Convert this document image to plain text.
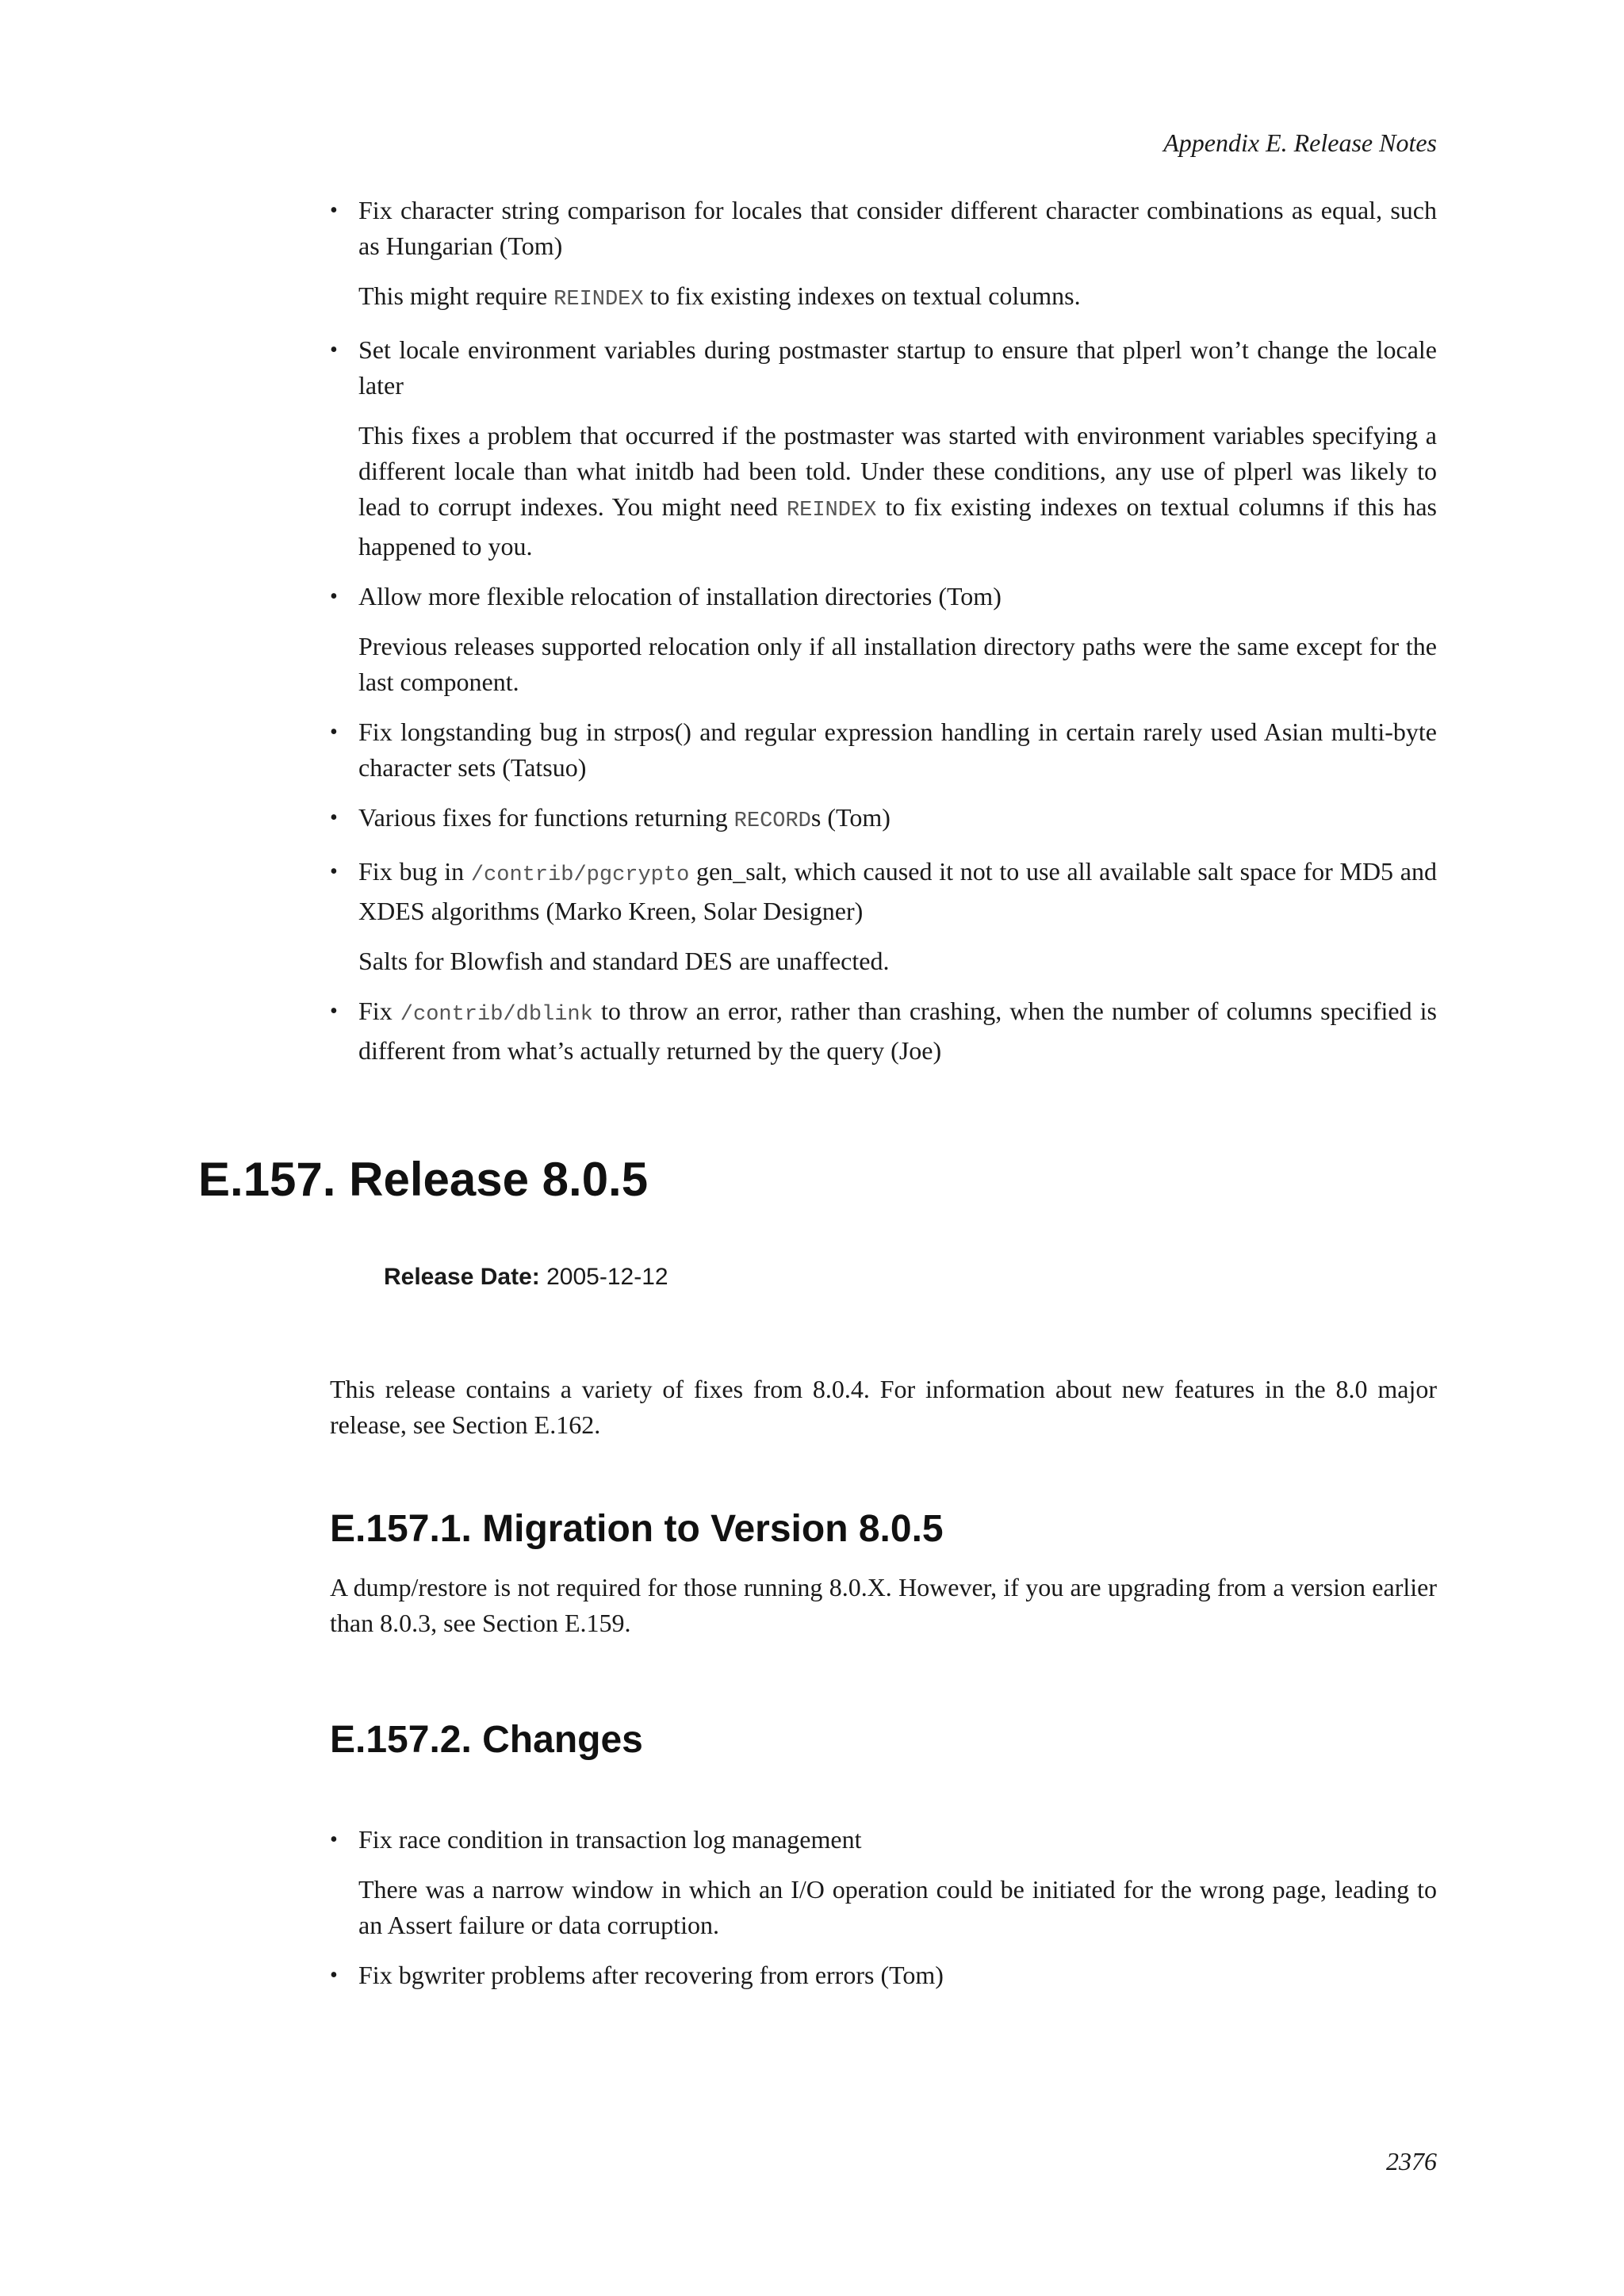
Appendix E. Release Notes

• Fix character string comparison for locales that consider different character combinations as equal, such as Hungarian (Tom)

This might require REINDEX to fix existing indexes on textual columns.

• Set locale environment variables during postmaster startup to ensure that plperl won’t change the locale later

This fixes a problem that occurred if the postmaster was started with environment variables specifying a different locale than what initdb had been told. Under these conditions, any use of plperl was likely to lead to corrupt indexes. You might need REINDEX to fix existing indexes on textual columns if this has happened to you.

• Allow more flexible relocation of installation directories (Tom)

Previous releases supported relocation only if all installation directory paths were the same except for the last component.

• Fix longstanding bug in strpos() and regular expression handling in certain rarely used Asian multi-byte character sets (Tatsuo)

• Various fixes for functions returning RECORDs (Tom)

• Fix bug in /contrib/pgcrypto gen_salt, which caused it not to use all available salt space for MD5 and XDES algorithms (Marko Kreen, Solar Designer)

Salts for Blowfish and standard DES are unaffected.

• Fix /contrib/dblink to throw an error, rather than crashing, when the number of columns specified is different from what’s actually returned by the query (Joe)

E.157. Release 8.0.5
Release Date: 2005-12-12

This release contains a variety of fixes from 8.0.4. For information about new features in the 8.0 major release, see Section E.162.

E.157.1. Migration to Version 8.0.5

A dump/restore is not required for those running 8.0.X. However, if you are upgrading from a version earlier than 8.0.3, see Section E.159.

E.157.2. Changes

• Fix race condition in transaction log management

There was a narrow window in which an I/O operation could be initiated for the wrong page, leading to an Assert failure or data corruption.

• Fix bgwriter problems after recovering from errors (Tom)

2376
